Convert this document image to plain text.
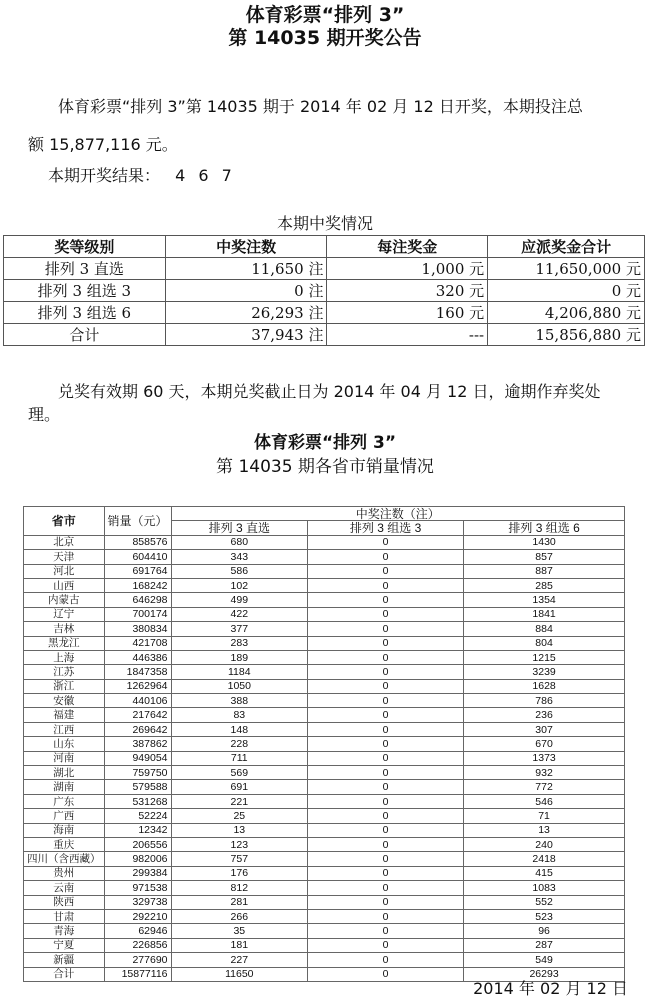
体育彩票“排列 3”
第 14035 期开奖公告
体育彩票“排列 3”第 14035 期于 2014 年 02 月 12 日开奖，本期投注总
额 15,877,116 元。
本期开奖结果： 4 6 7
本期中奖情况
奖等级别	中奖注数	每注奖金	应派奖金合计
排列 3 直选	11,650 注	1,000 元	11,650,000 元
排列 3 组选 3	0 注	320 元	0 元
排列 3 组选 6	26,293 注	160 元	4,206,880 元
合计	37,943 注	---	15,856,880 元
兑奖有效期 60 天，本期兑奖截止日为 2014 年 04 月 12 日，逾期作弃奖处
理。
体育彩票“排列 3”
第 14035 期各省市销量情况
省市	销量（元）	中奖注数（注）		
		排列 3 直选	排列 3 组选 3	排列 3 组选 6
北京	858576	680	0	1430
天津	604410	343	0	857
河北	691764	586	0	887
山西	168242	102	0	285
内蒙古	646298	499	0	1354
辽宁	700174	422	0	1841
吉林	380834	377	0	884
黑龙江	421708	283	0	804
上海	446386	189	0	1215
江苏	1847358	1184	0	3239
浙江	1262964	1050	0	1628
安徽	440106	388	0	786
福建	217642	83	0	236
江西	269642	148	0	307
山东	387862	228	0	670
河南	949054	711	0	1373
湖北	759750	569	0	932
湖南	579588	691	0	772
广东	531268	221	0	546
广西	52224	25	0	71
海南	12342	13	0	13
重庆	206556	123	0	240
四川（含西藏）	982006	757	0	2418
贵州	299384	176	0	415
云南	971538	812	0	1083
陕西	329738	281	0	552
甘肃	292210	266	0	523
青海	62946	35	0	96
宁夏	226856	181	0	287
新疆	277690	227	0	549
合计	15877116	11650	0	26293
2014 年 02 月 12 日
